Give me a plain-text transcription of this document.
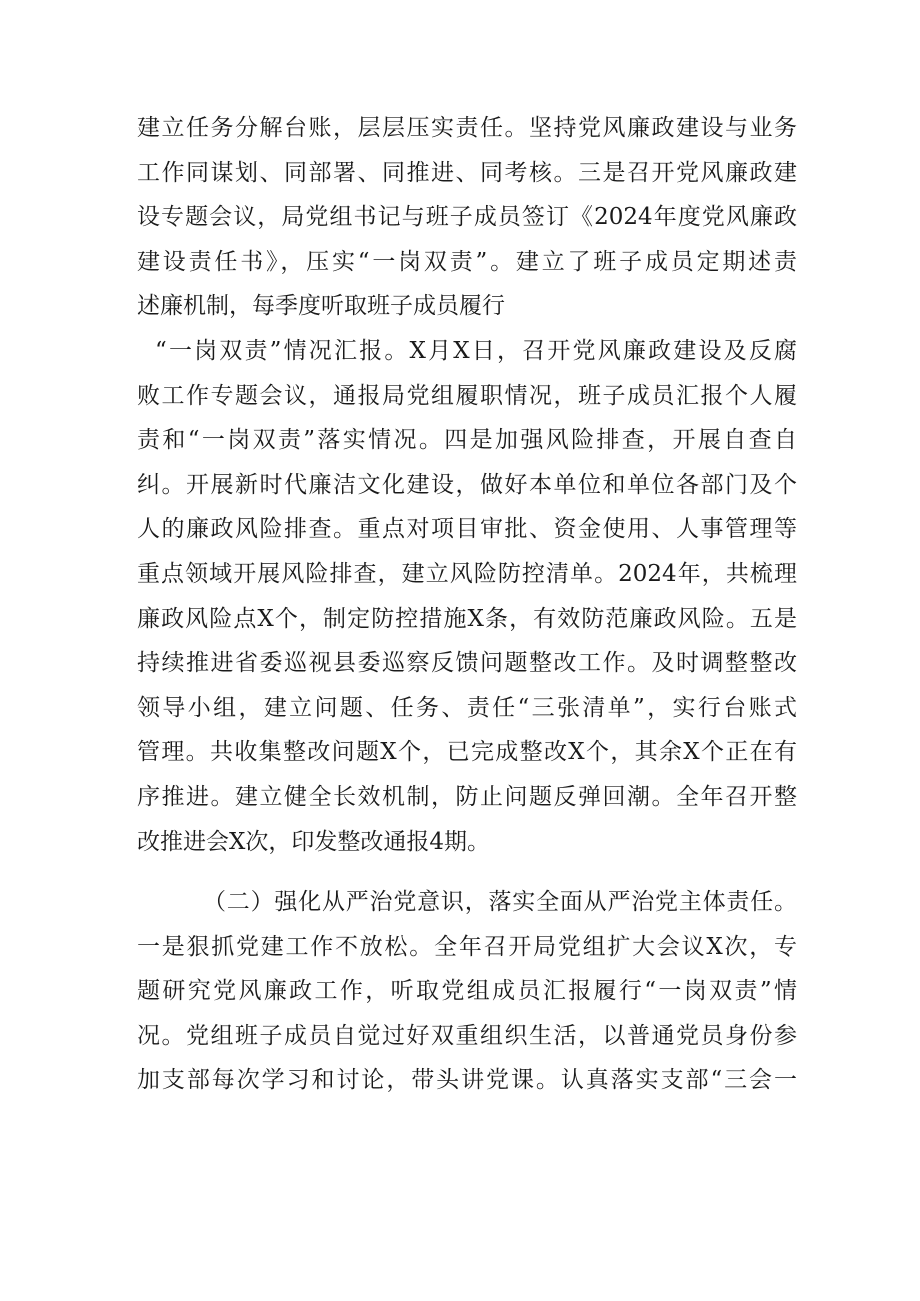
建立任务分解台账，层层压实责任。坚持党风廉政建设与业务
工作同谋划、同部署、同推进、同考核。三是召开党风廉政建
设专题会议，局党组书记与班子成员签订《2024年度党风廉政
建设责任书》，压实“一岗双责”。建立了班子成员定期述责
述廉机制，每季度听取班子成员履行
“一岗双责”情况汇报。X月X日，召开党风廉政建设及反腐
败工作专题会议，通报局党组履职情况，班子成员汇报个人履
责和“一岗双责”落实情况。四是加强风险排查，开展自查自
纠。开展新时代廉洁文化建设，做好本单位和单位各部门及个
人的廉政风险排查。重点对项目审批、资金使用、人事管理等
重点领域开展风险排查，建立风险防控清单。2024年，共梳理
廉政风险点X个，制定防控措施X条，有效防范廉政风险。五是
持续推进省委巡视县委巡察反馈问题整改工作。及时调整整改
领导小组，建立问题、任务、责任“三张清单”，实行台账式
管理。共收集整改问题X个，已完成整改X个，其余X个正在有
序推进。建立健全长效机制，防止问题反弹回潮。全年召开整
改推进会X次，印发整改通报4期。
（二）强化从严治党意识，落实全面从严治党主体责任。
一是狠抓党建工作不放松。全年召开局党组扩大会议X次，专
题研究党风廉政工作，听取党组成员汇报履行“一岗双责”情
况。党组班子成员自觉过好双重组织生活，以普通党员身份参
加支部每次学习和讨论，带头讲党课。认真落实支部“三会一
